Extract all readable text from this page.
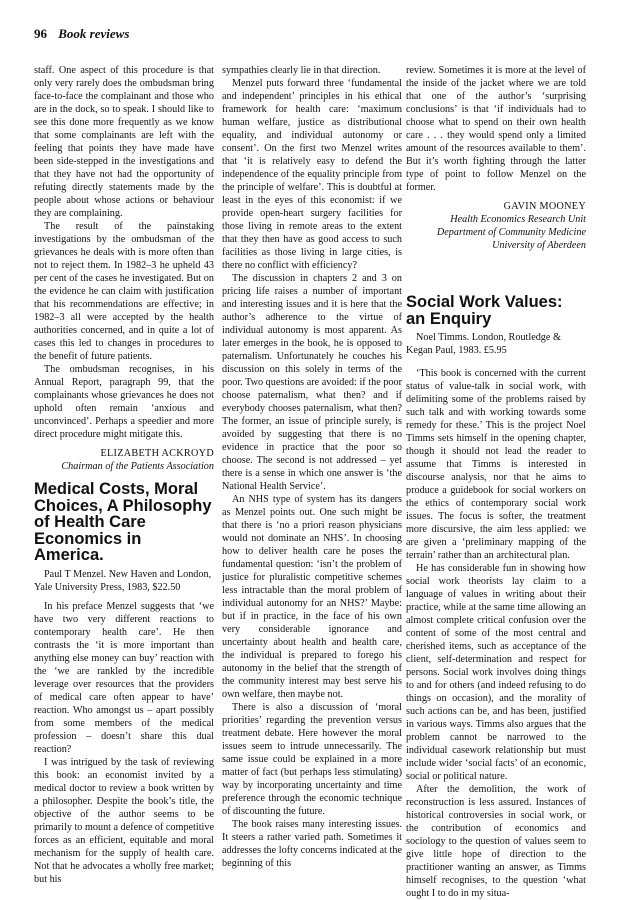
96 Book reviews

staff. One aspect of this procedure is that only very rarely does the ombudsman bring face-to-face the complainant and those who are in the dock, so to speak. I should like to see this done more frequently as we know that some complainants are left with the feeling that points they have made have been side-stepped in the investigations and that they have not had the opportunity of refuting directly statements made by the people about whose actions or behaviour they are complaining.

The result of the painstaking investigations by the ombudsman of the grievances he deals with is more often than not to reject them. In 1982–3 he upheld 43 per cent of the cases he investigated. But on the evidence he can claim with justification that his recommendations are effective; in 1982–3 all were accepted by the health authorities concerned, and in quite a lot of cases this led to changes in procedures to the benefit of future patients.

The ombudsman recognises, in his Annual Report, paragraph 99, that the complainants whose grievances he does not uphold often remain ‘anxious and unconvinced’. Perhaps a speedier and more direct procedure might mitigate this.

ELIZABETH ACKROYD
Chairman of the Patients Association
Medical Costs, Moral Choices, A Philosophy of Health Care Economics in America.

Paul T Menzel. New Haven and London, Yale University Press, 1983, $22.50

In his preface Menzel suggests that ‘we have two very different reactions to contemporary health care’. He then contrasts the ‘it is more important than anything else money can buy’ reaction with the ‘we are rankled by the incredible leverage over resources that the providers of medical care often appear to have’ reaction. Who amongst us – apart possibly from some members of the medical profession – doesn’t share this dual reaction?

I was intrigued by the task of reviewing this book: an economist invited by a medical doctor to review a book written by a philosopher. Despite the book’s title, the objective of the author seems to be primarily to mount a defence of competitive forces as an efficient, equitable and moral mechanism for the supply of health care. Not that he advocates a wholly free market; but his

sympathies clearly lie in that direction.

Menzel puts forward three ‘fundamental and independent’ principles in his ethical framework for health care: ‘maximum human welfare, justice as distributional equality, and individual autonomy or consent’. On the first two Menzel writes that ‘it is relatively easy to defend the independence of the equality principle from the principle of welfare’. This is doubtful at least in the eyes of this economist: if we provide open-heart surgery facilities for those living in remote areas to the extent that they then have as good access to such facilities as those living in large cities, is there no conflict with efficiency?

The discussion in chapters 2 and 3 on pricing life raises a number of important and interesting issues and it is here that the author’s adherence to the virtue of individual autonomy is most apparent. As later emerges in the book, he is opposed to paternalism. Unfortunately he couches his discussion on this solely in terms of the poor. Two questions are avoided: if the poor choose paternalism, what then? and if everybody chooses paternalism, what then? The former, an issue of principle surely, is avoided by suggesting that there is no evidence in practice that the poor so choose. The second is not addressed – yet there is a sense in which one answer is ‘the National Health Service’.

An NHS type of system has its dangers as Menzel points out. One such might be that there is ‘no a priori reason physicians would not dominate an NHS’. In choosing how to deliver health care he poses the fundamental question: ‘isn’t the problem of justice for pluralistic competitive schemes less intractable than the moral problem of individual autonomy for an NHS?’ Maybe: but if in practice, in the face of his own very considerable ignorance and uncertainty about health and health care, the individual is prepared to forego his autonomy in the belief that the strength of the community interest may best serve his own welfare, then maybe not.

There is also a discussion of ‘moral priorities’ regarding the prevention versus treatment debate. Here however the moral issues seem to intrude unnecessarily. The same issue could be explained in a more matter of fact (but perhaps less stimulating) way by incorporating uncertainty and time preference through the economic technique of discounting the future.

The book raises many interesting issues. It steers a rather varied path. Sometimes it addresses the lofty concerns indicated at the beginning of this

review. Sometimes it is more at the level of the inside of the jacket where we are told that one of the author’s ‘surprising conclusions’ is that ‘if individuals had to choose what to spend on their own health care . . . they would spend only a limited amount of the resources available to them’. But it’s worth fighting through the latter type of point to follow Menzel on the former.

GAVIN MOONEY
Health Economics Research Unit
Department of Community Medicine
University of Aberdeen
Social Work Values: an Enquiry

Noel Timms. London, Routledge & Kegan Paul, 1983. £5.95

‘This book is concerned with the current status of value-talk in social work, with delimiting some of the problems raised by such talk and with working towards some remedy for these.’ This is the project Noel Timms sets himself in the opening chapter, though it should not lead the reader to assume that Timms is interested in discourse analysis, nor that he aims to produce a guidebook for social workers on the ethics of contemporary social work issues. The focus is softer, the treatment more discursive, the aim less applied: we are given a ‘preliminary mapping of the terrain’ rather than an architectural plan.

He has considerable fun in showing how social work theorists lay claim to a language of values in writing about their practice, while at the same time allowing an almost complete critical confusion over the content of some of the most central and cherished items, such as acceptance of the client, self-determination and respect for persons. Social work involves doing things to and for others (and indeed refusing to do things on occasion), and the morality of such actions can be, and has been, justified in various ways. Timms also argues that the problem cannot be narrowed to the individual casework relationship but must include wider ‘social facts’ of an economic, social or political nature.

After the demolition, the work of reconstruction is less assured. Instances of historical controversies in social work, or the contribution of economics and sociology to the question of values seem to give little hope of direction to the practitioner wanting an answer, as Timms himself recognises, to the question ‘what ought I to do in my situa-
